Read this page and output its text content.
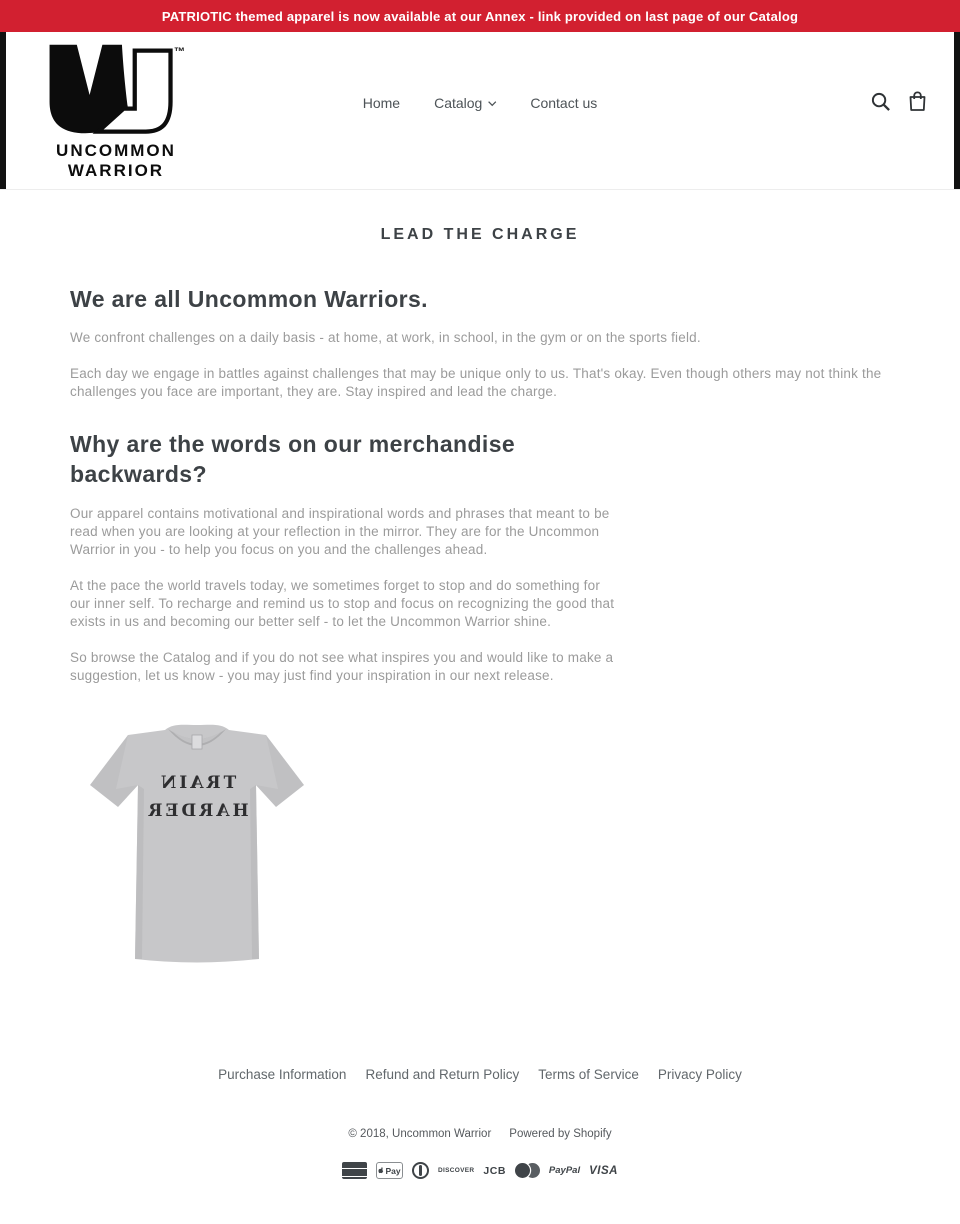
PATRIOTIC themed apparel is now available at our Annex - link provided on last page of our Catalog
™
UNCOMMON
WARRIOR
Home Catalog	Contact us
LEAD THE CHARGE
We are all Uncommon Warriors.

We confront challenges on a daily basis - at home, at work, in school, in the gym or on the sports field.

Each day we engage in battles against challenges that may be unique only to us. That's okay. Even though others may not think the challenges you face are important, they are. Stay inspired and lead the charge.

Why are the words on our merchandise backwards?

Our apparel contains motivational and inspirational words and phrases that meant to be read when you are looking at your reflection in the mirror. They are for the Uncommon Warrior in you - to help you focus on you and the challenges ahead.

At the pace the world travels today, we sometimes forget to stop and do something for our inner self. To recharge and remind us to stop and focus on recognizing the good that exists in us and becoming our better self - to let the Uncommon Warrior shine.

So browse the Catalog and if you do not see what inspires you and would like to make a suggestion, let us know - you may just find your inspiration in our next release.

TRAIN
HARDER
Purchase Information Refund and Return Policy Terms of Service Privacy Policy
© 2018, Uncommon Warrior Powered by Shopify
Pay	DISCOVER JCB	PayPal VISA
